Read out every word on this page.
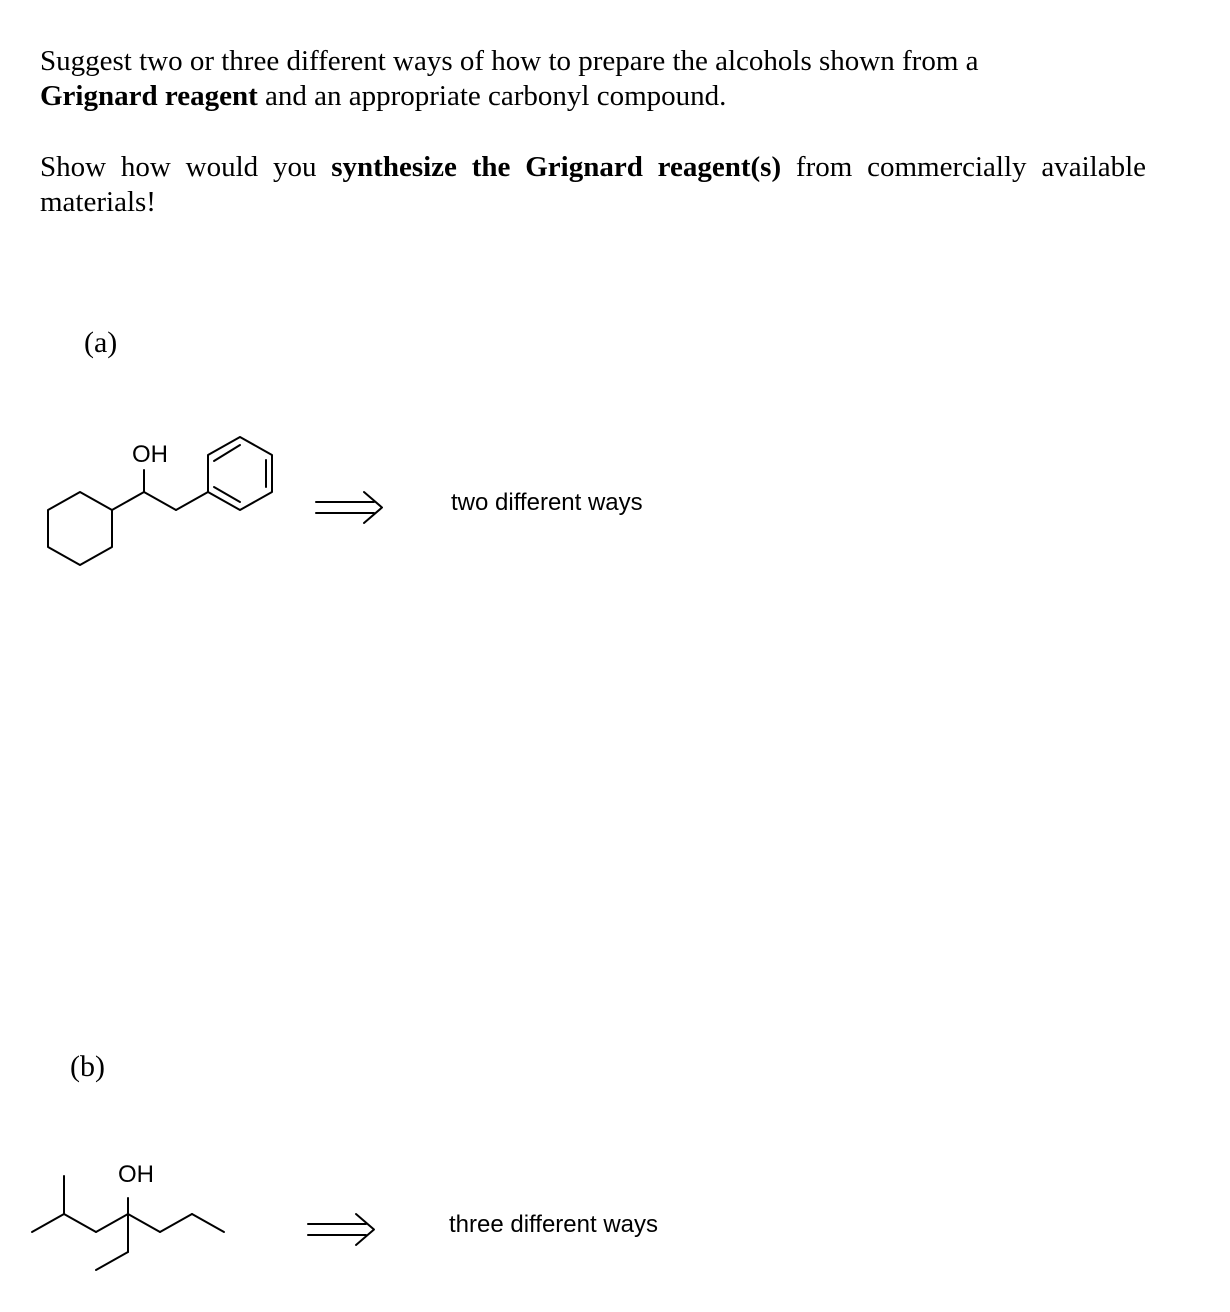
Suggest two or three different ways of how to prepare the alcohols shown from a
Grignard reagent and an appropriate carbonyl compound.

Show how would you synthesize the Grignard reagent(s) from commercially available materials!

(a)
OH
two different ways
(b)
OH
three different ways
